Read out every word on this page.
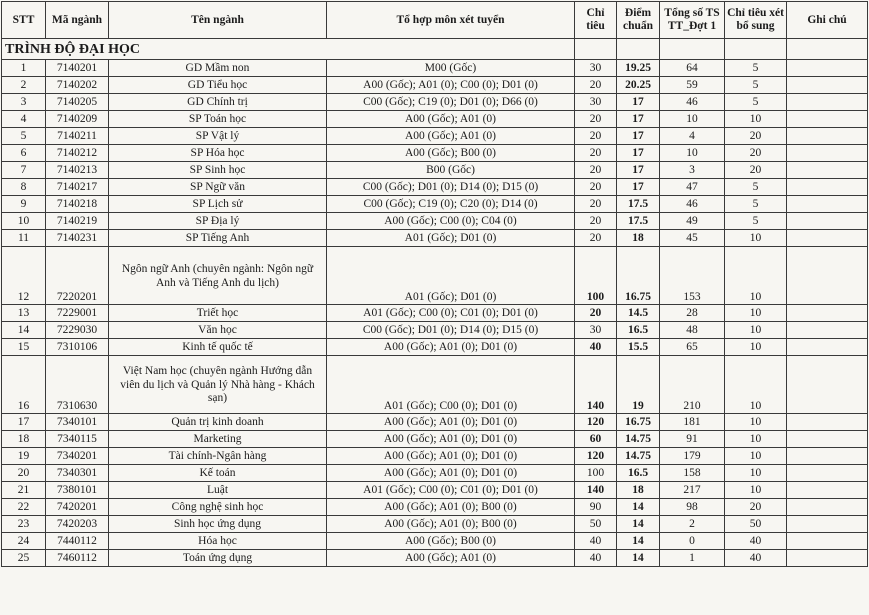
STT	Mã ngành	Tên ngành	Tổ hợp môn xét tuyển	Chỉ tiêu	Điểm chuẩn	Tổng số TS TT_Đợt 1	Chỉ tiêu xét bổ sung	Ghi chú
TRÌNH ĐỘ ĐẠI HỌC								
1	7140201	GD Mầm non	M00 (Gốc)	30	19.25	64	5	
2	7140202	GD Tiểu học	A00 (Gốc); A01 (0); C00 (0); D01 (0)	20	20.25	59	5	
3	7140205	GD Chính trị	C00 (Gốc); C19 (0); D01 (0); D66 (0)	30	17	46	5	
4	7140209	SP Toán học	A00 (Gốc); A01 (0)	20	17	10	10	
5	7140211	SP Vật lý	A00 (Gốc); A01 (0)	20	17	4	20	
6	7140212	SP Hóa học	A00 (Gốc); B00 (0)	20	17	10	20	
7	7140213	SP Sinh học	B00 (Gốc)	20	17	3	20	
8	7140217	SP Ngữ văn	C00 (Gốc); D01 (0); D14 (0); D15 (0)	20	17	47	5	
9	7140218	SP Lịch sử	C00 (Gốc); C19 (0); C20 (0); D14 (0)	20	17.5	46	5	
10	7140219	SP Địa lý	A00 (Gốc); C00 (0); C04 (0)	20	17.5	49	5	
11	7140231	SP Tiếng Anh	A01 (Gốc); D01 (0)	20	18	45	10	
12	7220201	Ngôn ngữ Anh (chuyên ngành: Ngôn ngữ Anh và Tiếng Anh du lịch)	A01 (Gốc); D01 (0)	100	16.75	153	10	
13	7229001	Triết học	A01 (Gốc); C00 (0); C01 (0); D01 (0)	20	14.5	28	10	
14	7229030	Văn học	C00 (Gốc); D01 (0); D14 (0); D15 (0)	30	16.5	48	10	
15	7310106	Kinh tế quốc tế	A00 (Gốc); A01 (0); D01 (0)	40	15.5	65	10	
16	7310630	Việt Nam học (chuyên ngành Hướng dẫn viên du lịch và Quản lý Nhà hàng - Khách sạn)	A01 (Gốc); C00 (0); D01 (0)	140	19	210	10	
17	7340101	Quản trị kinh doanh	A00 (Gốc); A01 (0); D01 (0)	120	16.75	181	10	
18	7340115	Marketing	A00 (Gốc); A01 (0); D01 (0)	60	14.75	91	10	
19	7340201	Tài chính-Ngân hàng	A00 (Gốc); A01 (0); D01 (0)	120	14.75	179	10	
20	7340301	Kế toán	A00 (Gốc); A01 (0); D01 (0)	100	16.5	158	10	
21	7380101	Luật	A01 (Gốc); C00 (0); C01 (0); D01 (0)	140	18	217	10	
22	7420201	Công nghệ sinh học	A00 (Gốc); A01 (0); B00 (0)	90	14	98	20	
23	7420203	Sinh học ứng dụng	A00 (Gốc); A01 (0); B00 (0)	50	14	2	50	
24	7440112	Hóa học	A00 (Gốc); B00 (0)	40	14	0	40	
25	7460112	Toán ứng dụng	A00 (Gốc); A01 (0)	40	14	1	40	
